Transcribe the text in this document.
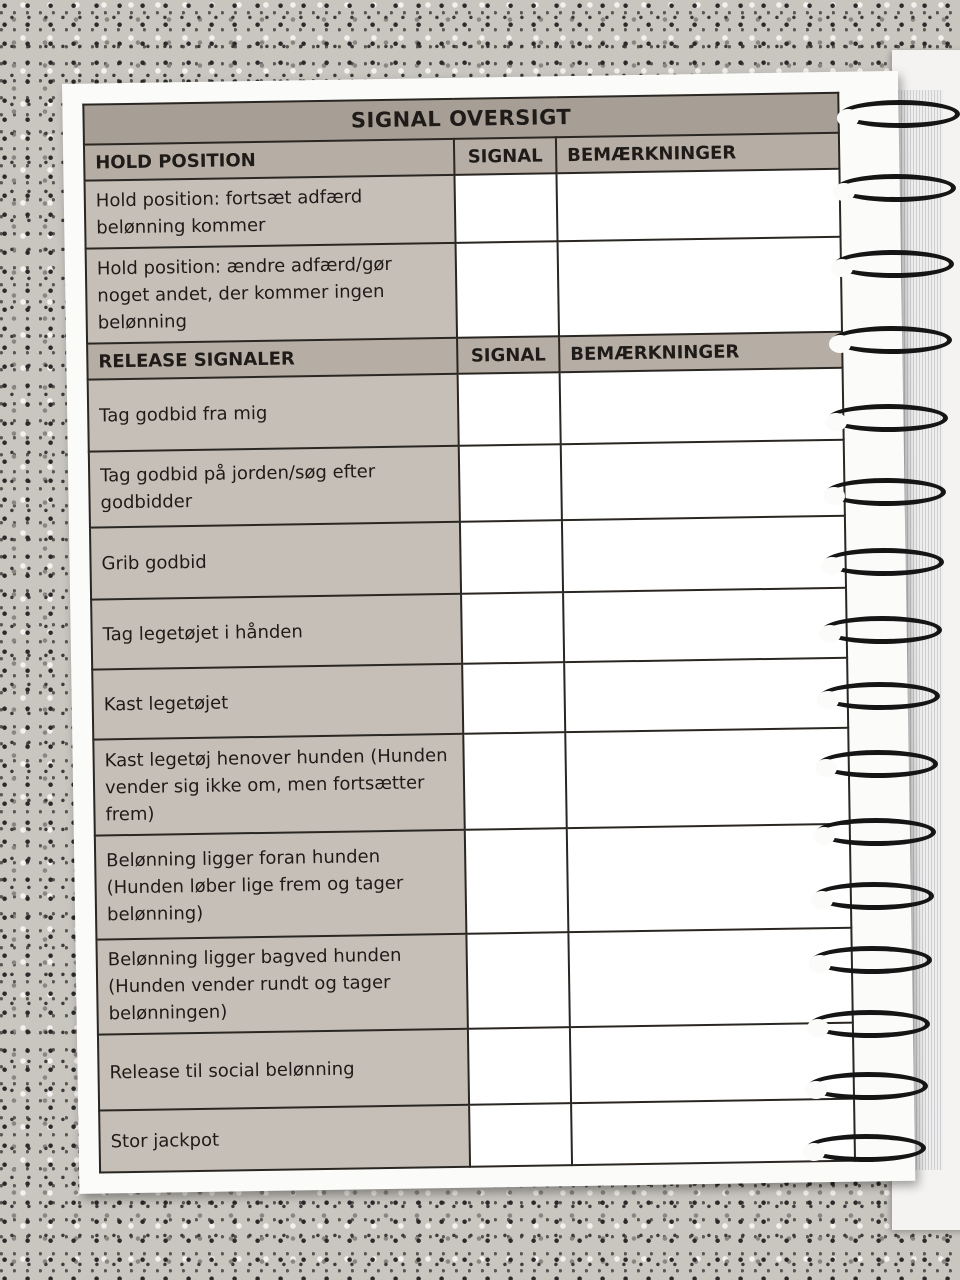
SIGNAL OVERSIGT		
HOLD POSITION	SIGNAL	BEMÆRKNINGER
Hold position: fortsæt adfærd belønning kommer		
Hold position: ændre adfærd/gør noget andet, der kommer ingen belønning		
RELEASE SIGNALER	SIGNAL	BEMÆRKNINGER
Tag godbid fra mig		
Tag godbid på jorden/søg efter godbidder		
Grib godbid		
Tag legetøjet i hånden		
Kast legetøjet		
Kast legetøj henover hunden (Hunden vender sig ikke om, men fortsætter frem)		
Belønning ligger foran hunden (Hunden løber lige frem og tager belønning)		
Belønning ligger bagved hunden (Hunden vender rundt og tager belønningen)		
Release til social belønning		
Stor jackpot		
